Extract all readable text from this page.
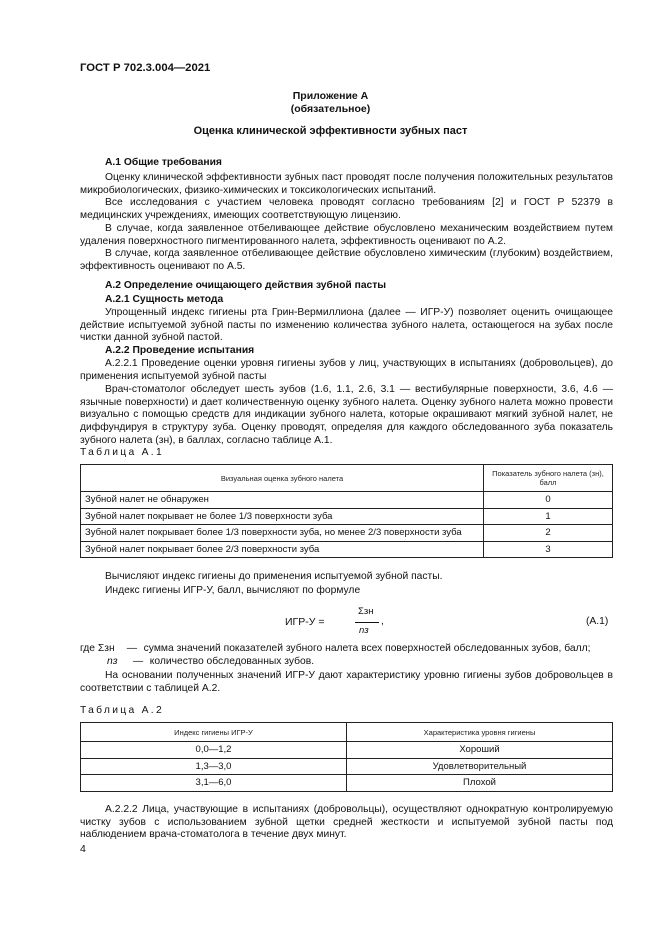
ГОСТ Р 702.3.004—2021
Приложение А
(обязательное)
Оценка клинической эффективности зубных паст
А.1 Общие требования
Оценку клинической эффективности зубных паст проводят после получения положительных результатов микробиологических, физико-химических и токсикологических испытаний.
Все исследования с участием человека проводят согласно требованиям [2] и ГОСТ Р 52379 в медицинских учреждениях, имеющих соответствующую лицензию.
В случае, когда заявленное отбеливающее действие обусловлено механическим воздействием путем удаления поверхностного пигментированного налета, эффективность оценивают по А.2.
В случае, когда заявленное отбеливающее действие обусловлено химическим (глубоким) воздействием, эффективность оценивают по А.5.
А.2 Определение очищающего действия зубной пасты
А.2.1 Сущность метода
Упрощенный индекс гигиены рта Грин-Вермиллиона (далее — ИГР-У) позволяет оценить очищающее действие испытуемой зубной пасты по изменению количества зубного налета, остающегося на зубах после чистки данной зубной пастой.
А.2.2 Проведение испытания
А.2.2.1 Проведение оценки уровня гигиены зубов у лиц, участвующих в испытаниях (добровольцев), до применения испытуемой зубной пасты
Врач-стоматолог обследует шесть зубов (1.6, 1.1, 2.6, 3.1 — вестибулярные поверхности, 3.6, 4.6 — язычные поверхности) и дает количественную оценку зубного налета. Оценку зубного налета можно провести визуально с помощью средств для индикации зубного налета, которые окрашивают мягкий зубной налет, не диффундируя в структуру зуба. Оценку проводят, определяя для каждого обследованного зуба показатель зубного налета (зн), в баллах, согласно таблице А.1.
Таблица А.1
Визуальная оценка зубного налета	Показатель зубного налета (зн), балл
Зубной налет не обнаружен	0
Зубной налет покрывает не более 1/3 поверхности зуба	1
Зубной налет покрывает более 1/3 поверхности зуба, но менее 2/3 поверхности зуба	2
Зубной налет покрывает более 2/3 поверхности зуба	3
Вычисляют индекс гигиены до применения испытуемой зубной пасты.
Индекс гигиены ИГР-У, балл, вычисляют по формуле
ИГР-У =
Σзн
nз
,	(А.1)
где Σзн — сумма значений показателей зубного налета всех поверхностей обследованных зубов, балл;
nз — количество обследованных зубов.
На основании полученных значений ИГР-У дают характеристику уровню гигиены зубов добровольцев в соответствии с таблицей А.2.
Таблица А.2
Индекс гигиены ИГР-У	Характеристика уровня гигиены
0,0—1,2	Хороший
1,3—3,0	Удовлетворительный
3,1—6,0	Плохой
А.2.2.2 Лица, участвующие в испытаниях (добровольцы), осуществляют однократную контролируемую чистку зубов с использованием зубной щетки средней жесткости и испытуемой зубной пасты под наблюдением врача-стоматолога в течение двух минут.
4
